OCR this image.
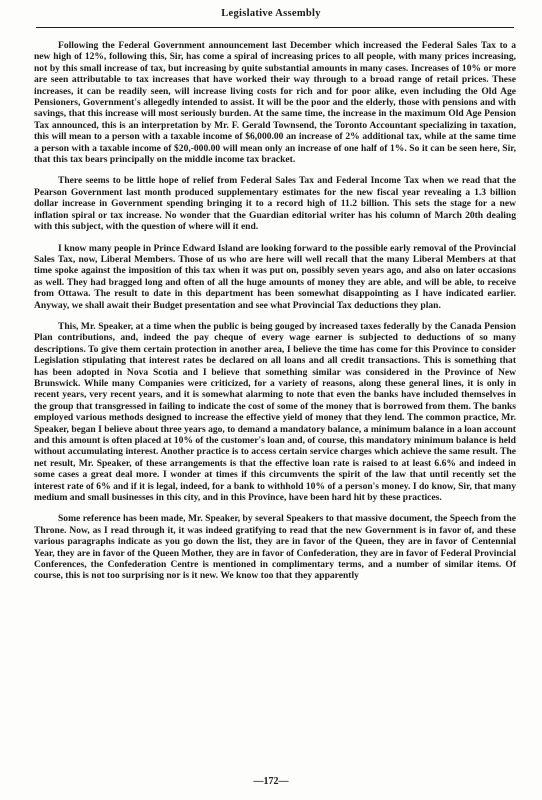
Legislative Assembly

Following the Federal Government announcement last December which increased the Federal Sales Tax to a new high of 12%, following this, Sir, has come a spiral of increasing prices to all people, with many prices increasing, not by this small increase of tax, but increasing by quite substantial amounts in many cases. Increases of 10% or more are seen attributable to tax increases that have worked their way through to a broad range of retail prices. These increases, it can be readily seen, will increase living costs for rich and for poor alike, even including the Old Age Pensioners, Government's allegedly intended to assist. It will be the poor and the elderly, those with pensions and with savings, that this increase will most seriously burden. At the same time, the increase in the maximum Old Age Pension Tax announced, this is an interpretation by Mr. F. Gerald Townsend, the Toronto Accountant specializing in taxation, this will mean to a person with a taxable income of $6,000.00 an increase of 2% additional tax, while at the same time a person with a taxable income of $20,-000.00 will mean only an increase of one half of 1%. So it can be seen here, Sir, that this tax bears principally on the middle income tax bracket.

There seems to be little hope of relief from Federal Sales Tax and Federal Income Tax when we read that the Pearson Government last month produced supplementary estimates for the new fiscal year revealing a 1.3 billion dollar increase in Government spending bringing it to a record high of 11.2 billion. This sets the stage for a new inflation spiral or tax increase. No wonder that the Guardian editorial writer has his column of March 20th dealing with this subject, with the question of where will it end.

I know many people in Prince Edward Island are looking forward to the possible early removal of the Provincial Sales Tax, now, Liberal Members. Those of us who are here will well recall that the many Liberal Members at that time spoke against the imposition of this tax when it was put on, possibly seven years ago, and also on later occasions as well. They had bragged long and often of all the huge amounts of money they are able, and will be able, to receive from Ottawa. The result to date in this department has been somewhat disappointing as I have indicated earlier. Anyway, we shall await their Budget presentation and see what Provincial Tax deductions they plan.

This, Mr. Speaker, at a time when the public is being gouged by increased taxes federally by the Canada Pension Plan contributions, and, indeed the pay cheque of every wage earner is subjected to deductions of so many descriptions. To give them certain protection in another area, I believe the time has come for this Province to consider Legislation stipulating that interest rates be declared on all loans and all credit transactions. This is something that has been adopted in Nova Scotia and I believe that something similar was considered in the Province of New Brunswick. While many Companies were criticized, for a variety of reasons, along these general lines, it is only in recent years, very recent years, and it is somewhat alarming to note that even the banks have included themselves in the group that transgressed in failing to indicate the cost of some of the money that is borrowed from them. The banks employed various methods designed to increase the effective yield of money that they lend. The common practice, Mr. Speaker, began I believe about three years ago, to demand a mandatory balance, a minimum balance in a loan account and this amount is often placed at 10% of the customer's loan and, of course, this mandatory minimum balance is held without accumulating interest. Another practice is to access certain service charges which achieve the same result. The net result, Mr. Speaker, of these arrangements is that the effective loan rate is raised to at least 6.6% and indeed in some cases a great deal more. I wonder at times if this circumvents the spirit of the law that until recently set the interest rate of 6% and if it is legal, indeed, for a bank to withhold 10% of a person's money. I do know, Sir, that many medium and small businesses in this city, and in this Province, have been hard hit by these practices.

Some reference has been made, Mr. Speaker, by several Speakers to that massive document, the Speech from the Throne. Now, as I read through it, it was indeed gratifying to read that the new Government is in favor of, and these various paragraphs indicate as you go down the list, they are in favor of the Queen, they are in favor of Centennial Year, they are in favor of the Queen Mother, they are in favor of Confederation, they are in favor of Federal Provincial Conferences, the Confederation Centre is mentioned in complimentary terms, and a number of similar items. Of course, this is not too surprising nor is it new. We know too that they apparently

—172—
